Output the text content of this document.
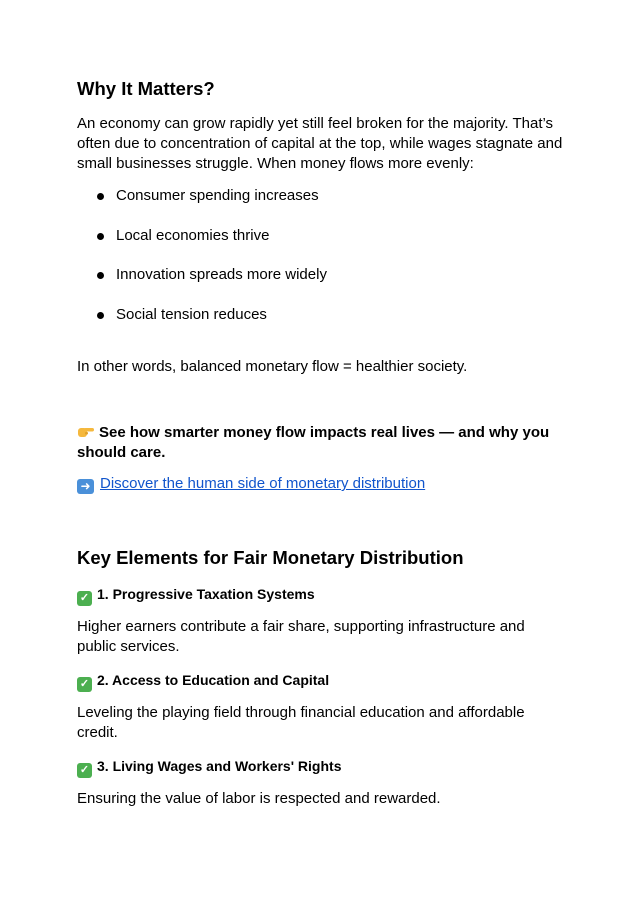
Why It Matters?

An economy can grow rapidly yet still feel broken for the majority. That’s often due to concentration of capital at the top, while wages stagnate and small businesses struggle. When money flows more evenly:

Consumer spending increases
Local economies thrive
Innovation spreads more widely
Social tension reduces

In other words, balanced monetary flow = healthier society.

See how smarter money flow impacts real lives — and why you should care.

➜ Discover the human side of monetary distribution

Key Elements for Fair Monetary Distribution
✓ 1. Progressive Taxation Systems

Higher earners contribute a fair share, supporting infrastructure and public services.

✓ 2. Access to Education and Capital

Leveling the playing field through financial education and affordable credit.

✓ 3. Living Wages and Workers' Rights

Ensuring the value of labor is respected and rewarded.
